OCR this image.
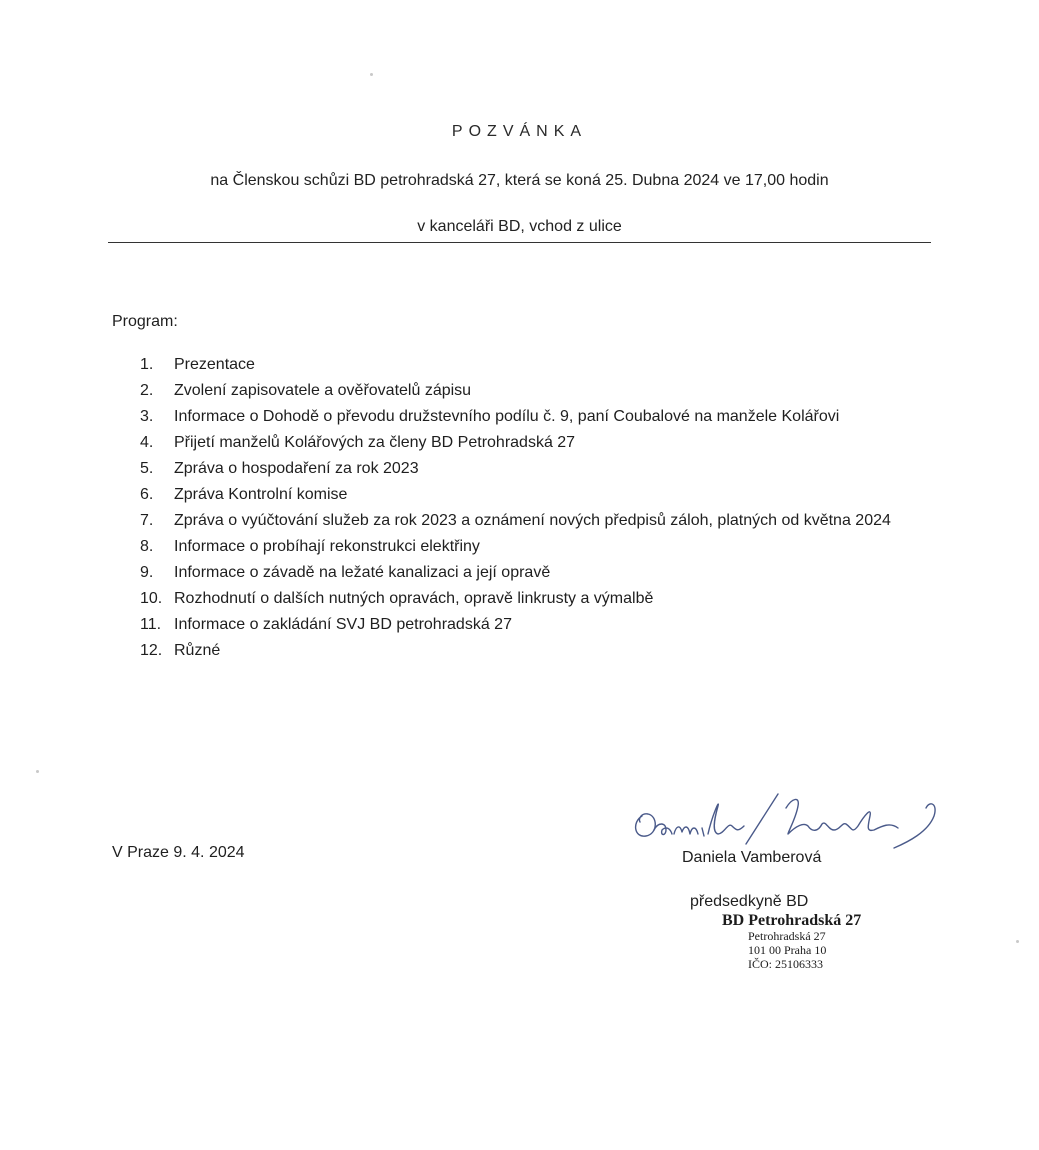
POZVÁNKA
na Členskou schůzi BD petrohradská 27, která se koná 25. Dubna 2024 ve 17,00 hodin
v kanceláři BD, vchod z ulice
Program:
1.	Prezentace
2.	Zvolení zapisovatele a ověřovatelů zápisu
3.	Informace o Dohodě o převodu družstevního podílu č. 9, paní Coubalové na manžele Kolářovi
4.	Přijetí manželů Kolářových za členy BD Petrohradská 27
5.	Zpráva o hospodaření za rok 2023
6.	Zpráva Kontrolní komise
7.	Zpráva o vyúčtování služeb za rok 2023 a oznámení nových předpisů záloh, platných od května 2024
8.	Informace o probíhají rekonstrukci elektřiny
9.	Informace o závadě na ležaté kanalizaci a její opravě
10. Rozhodnutí o dalších nutných opravách, opravě linkrusty a výmalbě
11. Informace o zakládání SVJ BD petrohradská 27
12. Různé
V Praze 9. 4. 2024	Daniela Vamberová
předsedkyně BD
BD Petrohradská 27
Petrohradská 27
101 00 Praha 10
IČO: 25106333
